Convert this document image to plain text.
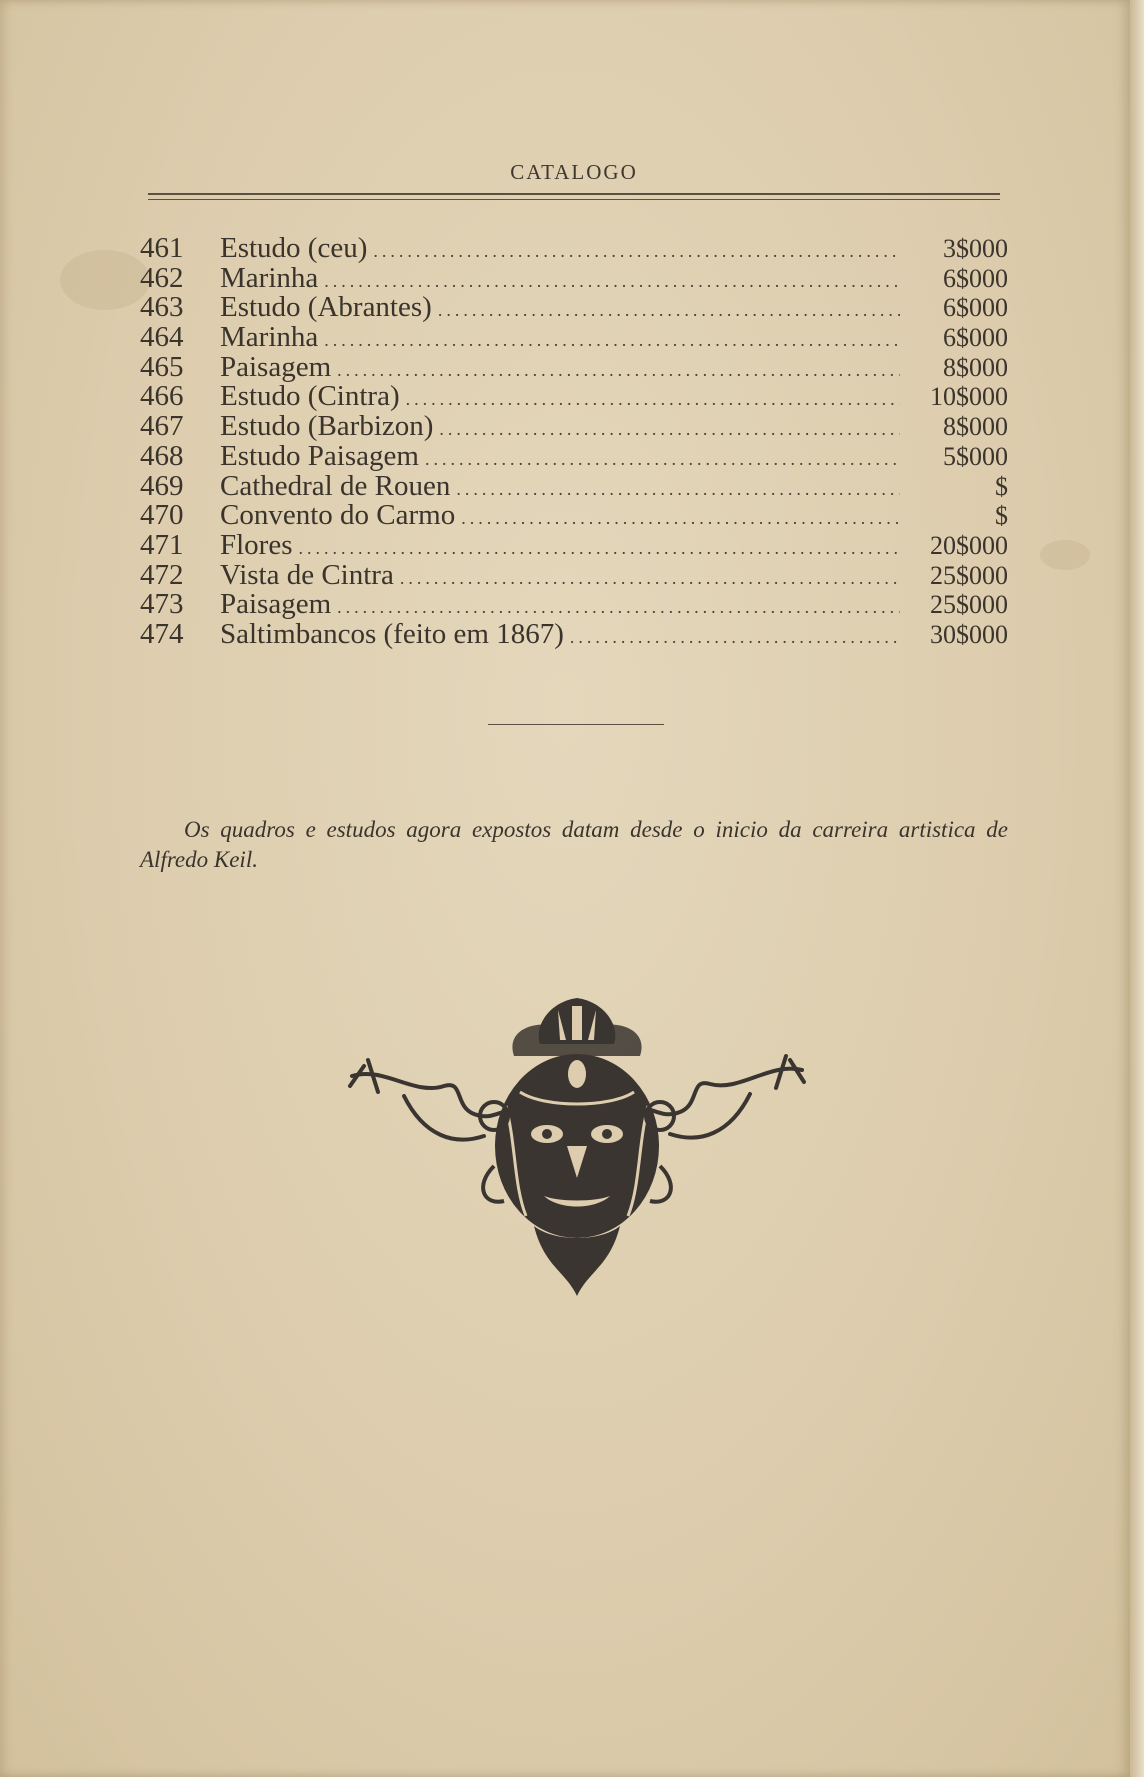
CATALOGO
461	Estudo (ceu) .....	3$000
462	Marinha .....	6$000
463	Estudo (Abrantes) .....	6$000
464	Marinha .....	6$000
465	Paisagem .....	8$000
466	Estudo (Cintra) .....	10$000
467	Estudo (Barbizon) .....	8$000
468	Estudo Paisagem .....	5$000
469	Cathedral de Rouen .....	$
470	Convento do Carmo .....	$
471	Flores .....	20$000
472	Vista de Cintra .....	25$000
473	Paisagem .....	25$000
474	Saltimbancos (feito em 1867) .....	30$000

Os quadros e estudos agora expostos datam desde o inicio da carreira artistica de Alfredo Keil.
